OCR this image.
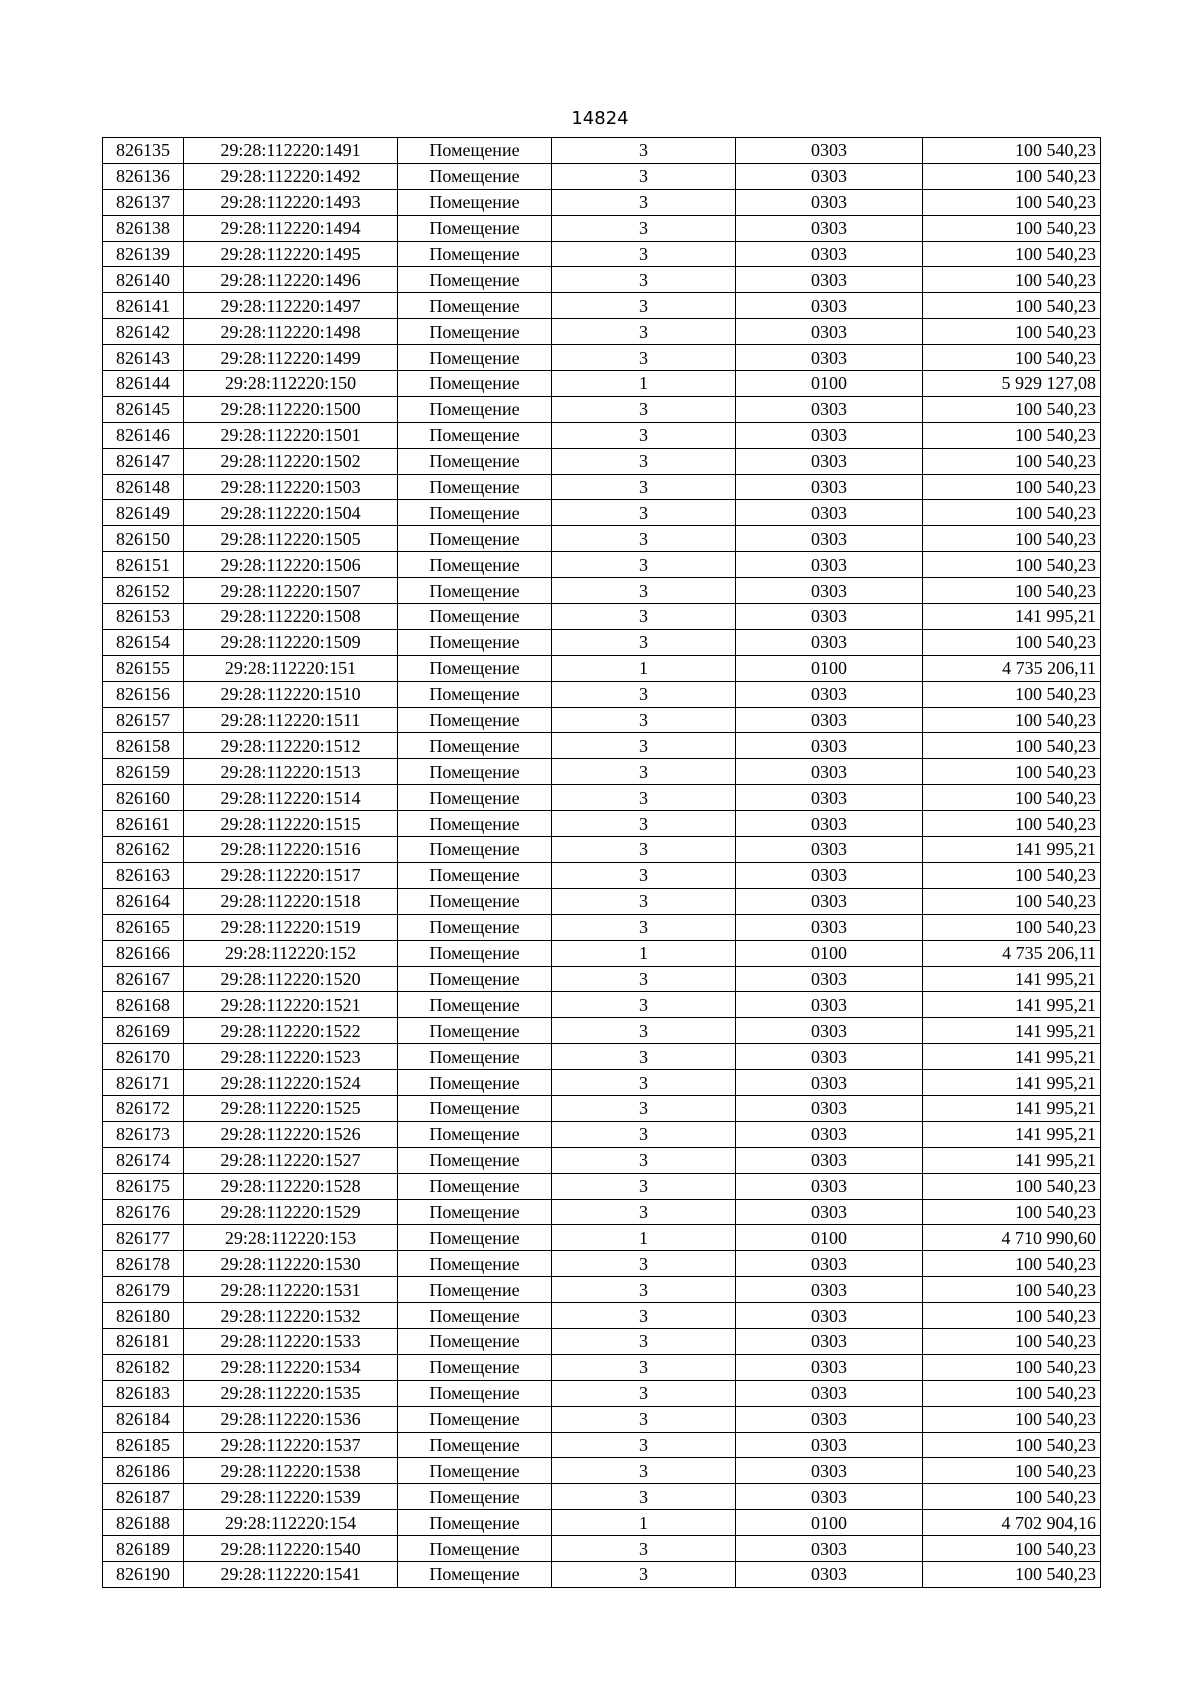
14824
826135	29:28:112220:1491	Помещение	3	0303	100 540,23
826136	29:28:112220:1492	Помещение	3	0303	100 540,23
826137	29:28:112220:1493	Помещение	3	0303	100 540,23
826138	29:28:112220:1494	Помещение	3	0303	100 540,23
826139	29:28:112220:1495	Помещение	3	0303	100 540,23
826140	29:28:112220:1496	Помещение	3	0303	100 540,23
826141	29:28:112220:1497	Помещение	3	0303	100 540,23
826142	29:28:112220:1498	Помещение	3	0303	100 540,23
826143	29:28:112220:1499	Помещение	3	0303	100 540,23
826144	29:28:112220:150	Помещение	1	0100	5 929 127,08
826145	29:28:112220:1500	Помещение	3	0303	100 540,23
826146	29:28:112220:1501	Помещение	3	0303	100 540,23
826147	29:28:112220:1502	Помещение	3	0303	100 540,23
826148	29:28:112220:1503	Помещение	3	0303	100 540,23
826149	29:28:112220:1504	Помещение	3	0303	100 540,23
826150	29:28:112220:1505	Помещение	3	0303	100 540,23
826151	29:28:112220:1506	Помещение	3	0303	100 540,23
826152	29:28:112220:1507	Помещение	3	0303	100 540,23
826153	29:28:112220:1508	Помещение	3	0303	141 995,21
826154	29:28:112220:1509	Помещение	3	0303	100 540,23
826155	29:28:112220:151	Помещение	1	0100	4 735 206,11
826156	29:28:112220:1510	Помещение	3	0303	100 540,23
826157	29:28:112220:1511	Помещение	3	0303	100 540,23
826158	29:28:112220:1512	Помещение	3	0303	100 540,23
826159	29:28:112220:1513	Помещение	3	0303	100 540,23
826160	29:28:112220:1514	Помещение	3	0303	100 540,23
826161	29:28:112220:1515	Помещение	3	0303	100 540,23
826162	29:28:112220:1516	Помещение	3	0303	141 995,21
826163	29:28:112220:1517	Помещение	3	0303	100 540,23
826164	29:28:112220:1518	Помещение	3	0303	100 540,23
826165	29:28:112220:1519	Помещение	3	0303	100 540,23
826166	29:28:112220:152	Помещение	1	0100	4 735 206,11
826167	29:28:112220:1520	Помещение	3	0303	141 995,21
826168	29:28:112220:1521	Помещение	3	0303	141 995,21
826169	29:28:112220:1522	Помещение	3	0303	141 995,21
826170	29:28:112220:1523	Помещение	3	0303	141 995,21
826171	29:28:112220:1524	Помещение	3	0303	141 995,21
826172	29:28:112220:1525	Помещение	3	0303	141 995,21
826173	29:28:112220:1526	Помещение	3	0303	141 995,21
826174	29:28:112220:1527	Помещение	3	0303	141 995,21
826175	29:28:112220:1528	Помещение	3	0303	100 540,23
826176	29:28:112220:1529	Помещение	3	0303	100 540,23
826177	29:28:112220:153	Помещение	1	0100	4 710 990,60
826178	29:28:112220:1530	Помещение	3	0303	100 540,23
826179	29:28:112220:1531	Помещение	3	0303	100 540,23
826180	29:28:112220:1532	Помещение	3	0303	100 540,23
826181	29:28:112220:1533	Помещение	3	0303	100 540,23
826182	29:28:112220:1534	Помещение	3	0303	100 540,23
826183	29:28:112220:1535	Помещение	3	0303	100 540,23
826184	29:28:112220:1536	Помещение	3	0303	100 540,23
826185	29:28:112220:1537	Помещение	3	0303	100 540,23
826186	29:28:112220:1538	Помещение	3	0303	100 540,23
826187	29:28:112220:1539	Помещение	3	0303	100 540,23
826188	29:28:112220:154	Помещение	1	0100	4 702 904,16
826189	29:28:112220:1540	Помещение	3	0303	100 540,23
826190	29:28:112220:1541	Помещение	3	0303	100 540,23
